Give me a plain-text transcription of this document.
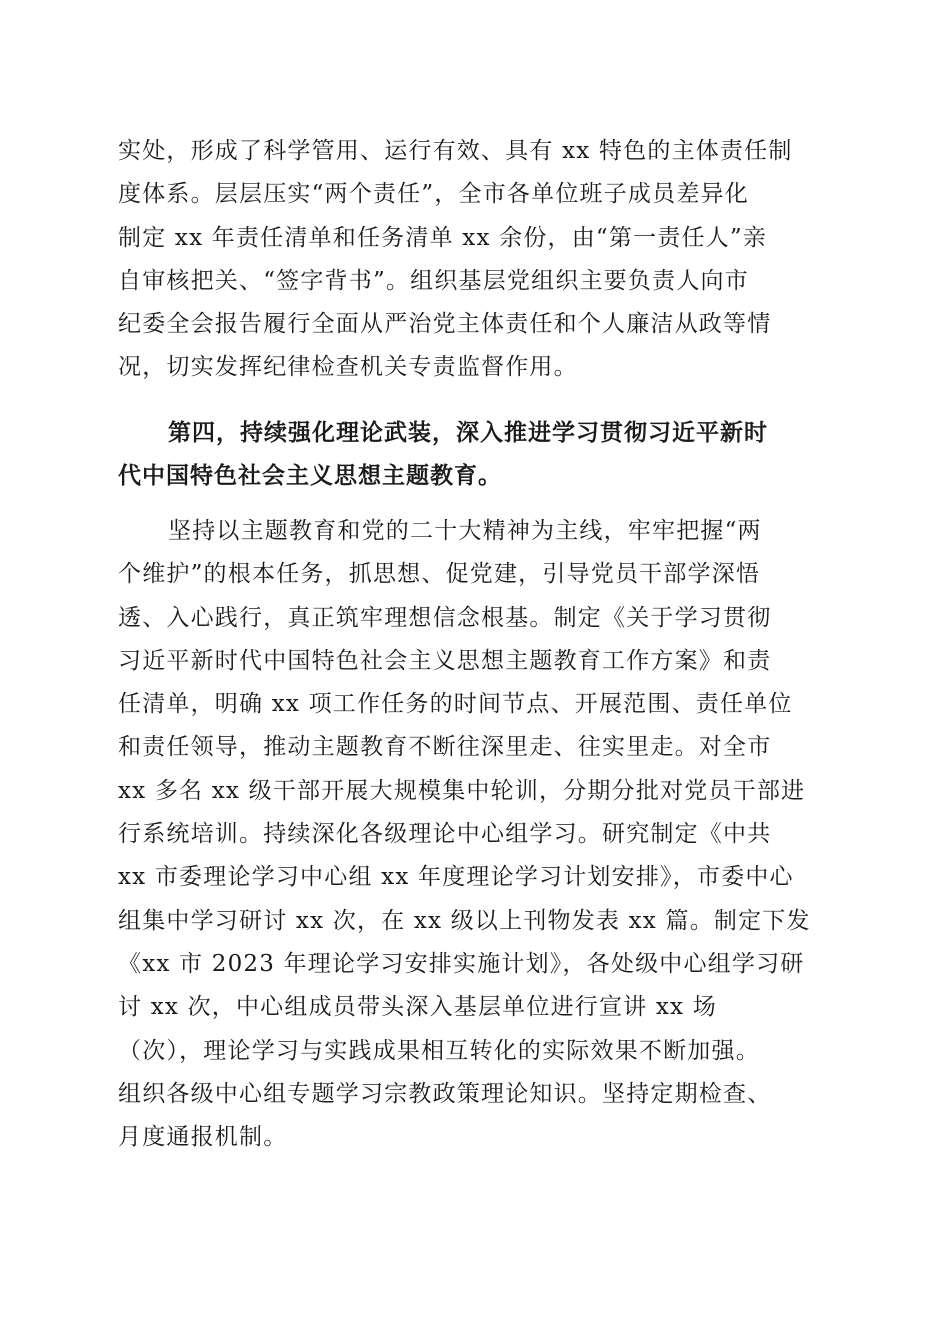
实处，形成了科学管用、运行有效、具有 xx 特色的主体责任制
度体系。层层压实“两个责任”，全市各单位班子成员差异化
制定 xx 年责任清单和任务清单 xx 余份，由“第一责任人”亲
自审核把关、“签字背书”。组织基层党组织主要负责人向市
纪委全会报告履行全面从严治党主体责任和个人廉洁从政等情
况，切实发挥纪律检查机关专责监督作用。
第四，持续强化理论武装，深入推进学习贯彻习近平新时
代中国特色社会主义思想主题教育。
坚持以主题教育和党的二十大精神为主线，牢牢把握“两
个维护”的根本任务，抓思想、促党建，引导党员干部学深悟
透、入心践行，真正筑牢理想信念根基。制定《关于学习贯彻
习近平新时代中国特色社会主义思想主题教育工作方案》和责
任清单，明确 xx 项工作任务的时间节点、开展范围、责任单位
和责任领导，推动主题教育不断往深里走、往实里走。对全市
xx 多名 xx 级干部开展大规模集中轮训，分期分批对党员干部进
行系统培训。持续深化各级理论中心组学习。研究制定《中共
xx 市委理论学习中心组 xx 年度理论学习计划安排》，市委中心
组集中学习研讨 xx 次，在 xx 级以上刊物发表 xx 篇。制定下发
《xx 市 2023 年理论学习安排实施计划》，各处级中心组学习研
讨 xx 次，中心组成员带头深入基层单位进行宣讲 xx 场
（次），理论学习与实践成果相互转化的实际效果不断加强。
组织各级中心组专题学习宗教政策理论知识。坚持定期检查、
月度通报机制。
